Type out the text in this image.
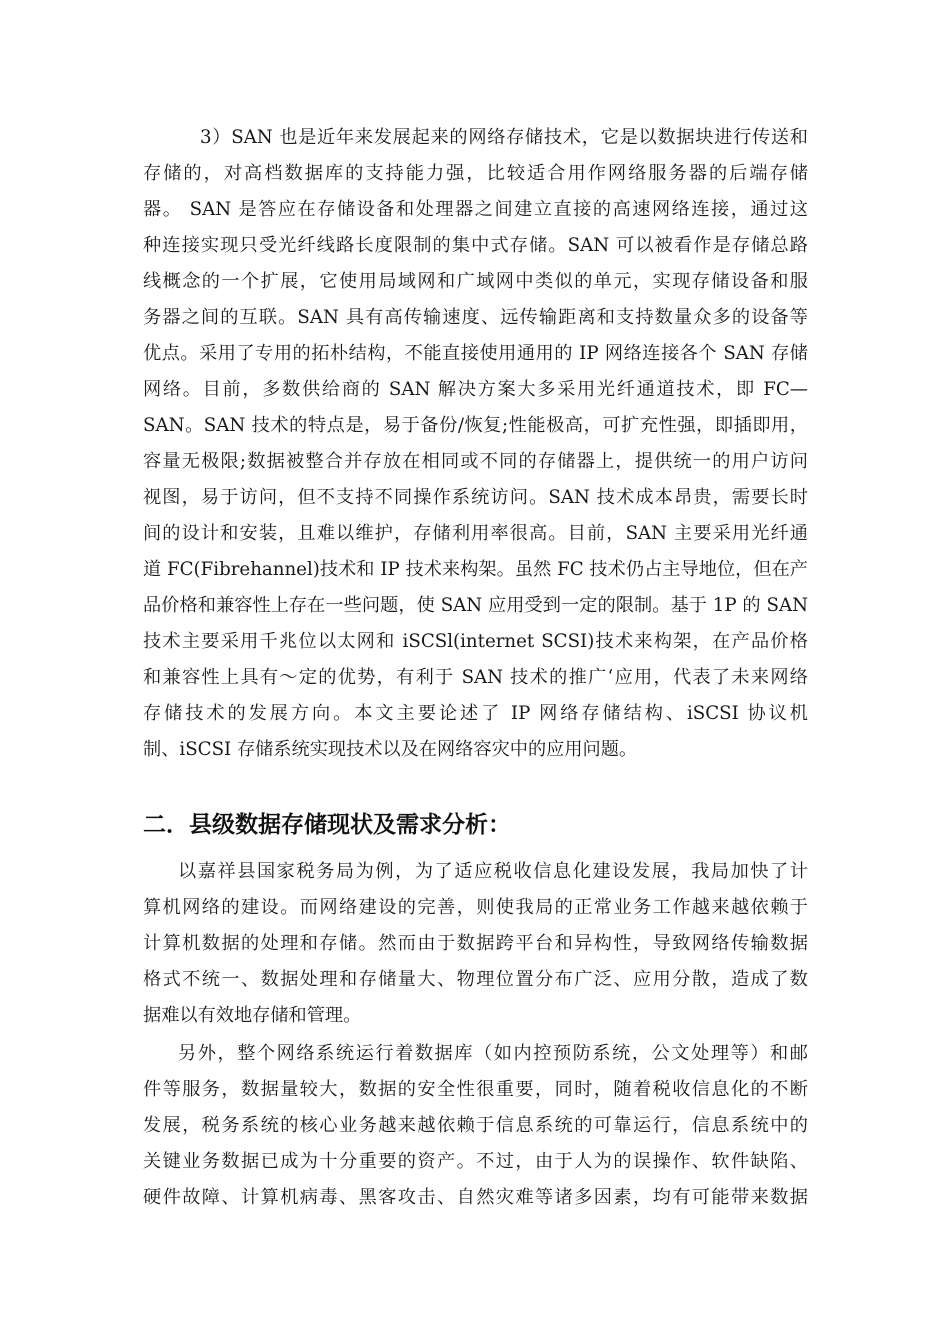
3）SAN 也是近年来发展起来的网络存储技术，它是以数据块进行传送和
存储的，对高档数据库的支持能力强，比较适合用作网络服务器的后端存储
器。 SAN 是答应在存储设备和处理器之间建立直接的高速网络连接，通过这
种连接实现只受光纤线路长度限制的集中式存储。SAN 可以被看作是存储总路
线概念的一个扩展，它使用局域网和广域网中类似的单元，实现存储设备和服
务器之间的互联。SAN 具有高传输速度、远传输距离和支持数量众多的设备等
优点。采用了专用的拓朴结构，不能直接使用通用的 IP 网络连接各个 SAN 存储
网络。目前，多数供给商的 SAN 解决方案大多采用光纤通道技术，即 FC—
SAN。SAN 技术的特点是，易于备份/恢复;性能极高，可扩充性强，即插即用，
容量无极限;数据被整合并存放在相同或不同的存储器上，提供统一的用户访问
视图，易于访问，但不支持不同操作系统访问。SAN 技术成本昂贵，需要长时
间的设计和安装，且难以维护，存储利用率很高。目前，SAN 主要采用光纤通
道 FC(Fibrehannel)技术和 IP 技术来构架。虽然 FC 技术仍占主导地位，但在产
品价格和兼容性上存在一些问题，使 SAN 应用受到一定的限制。基于 1P 的 SAN
技术主要采用千兆位以太网和 iSCSl(internet SCSI)技术来构架，在产品价格
和兼容性上具有～定的优势，有利于 SAN 技术的推广‘应用，代表了未来网络
存储技术的发展方向。本文主要论述了 IP 网络存储结构、iSCSI 协议机
制、iSCSI 存储系统实现技术以及在网络容灾中的应用问题。
二．县级数据存储现状及需求分析：
以嘉祥县国家税务局为例，为了适应税收信息化建设发展，我局加快了计
算机网络的建设。而网络建设的完善，则使我局的正常业务工作越来越依赖于
计算机数据的处理和存储。然而由于数据跨平台和异构性，导致网络传输数据
格式不统一、数据处理和存储量大、物理位置分布广泛、应用分散，造成了数
据难以有效地存储和管理。
另外，整个网络系统运行着数据库（如内控预防系统，公文处理等）和邮
件等服务，数据量较大，数据的安全性很重要，同时，随着税收信息化的不断
发展，税务系统的核心业务越来越依赖于信息系统的可靠运行，信息系统中的
关键业务数据已成为十分重要的资产。不过，由于人为的误操作、软件缺陷、
硬件故障、计算机病毒、黑客攻击、自然灾难等诸多因素，均有可能带来数据
